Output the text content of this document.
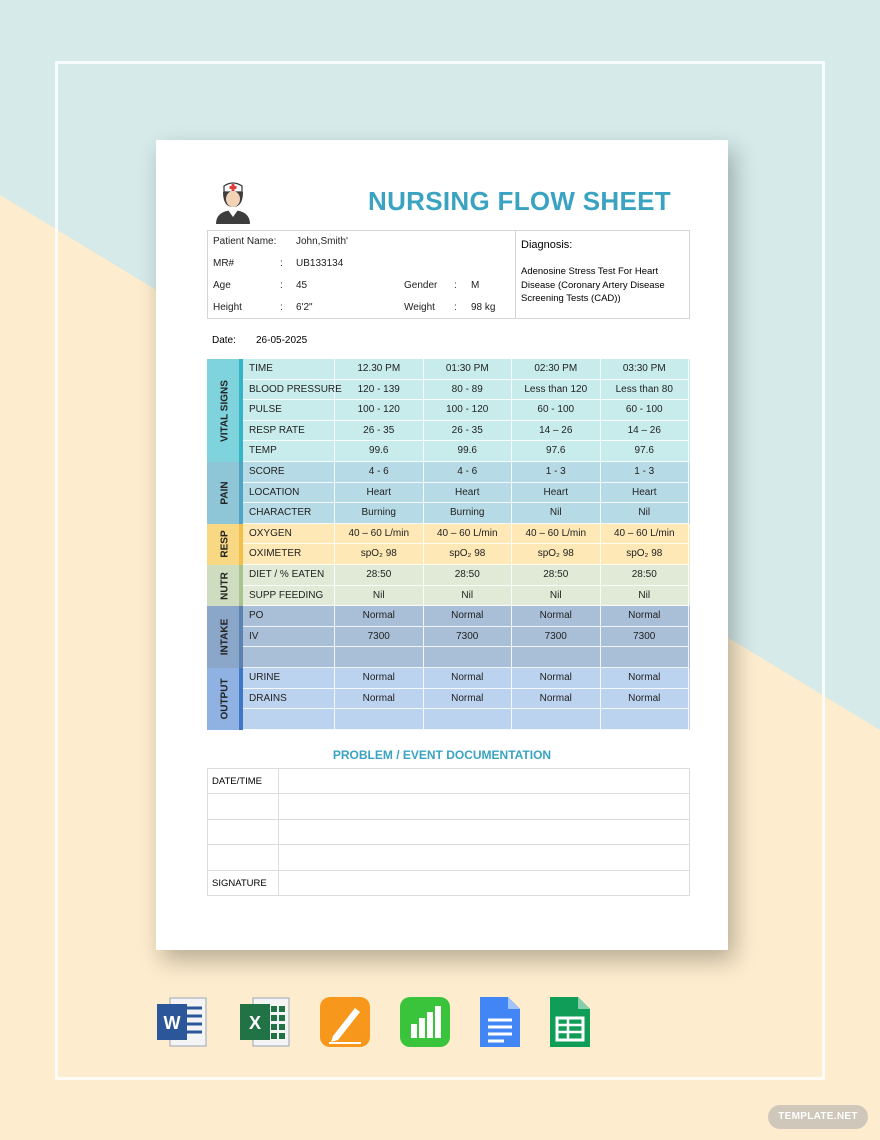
NURSING FLOW SHEET
Patient Name: John,Smith'
MR#	: UB133134
Age	: 45	Gender : M
Height	: 6'2"	Weight : 98 kg
Diagnosis:
Adenosine Stress Test For Heart Disease (Coronary Artery Disease Screening Tests (CAD))
Date: 26-05-2025
VITAL SIGNS
TIME	12.30 PM	01:30 PM	02:30 PM	03:30 PM
BLOOD PRESSURE	120 - 139	80 - 89	Less than 120	Less than 80
PULSE	100 - 120	100 - 120	60 - 100	60 - 100
RESP RATE	26 - 35	26 - 35	14 – 26	14 – 26
TEMP	99.6	99.6	97.6	97.6
PAIN
SCORE	4 - 6	4 - 6	1 - 3	1 - 3
LOCATION	Heart	Heart	Heart	Heart
CHARACTER	Burning	Burning	Nil	Nil
RESP	OXYGEN	40 – 60 L/min	40 – 60 L/min	40 – 60 L/min	40 – 60 L/min
OXIMETER	spO₂ 98	spO₂ 98	spO₂ 98	spO₂ 98
NUTR	DIET / % EATEN	28:50	28:50	28:50	28:50
SUPP FEEDING	Nil	Nil	Nil	Nil
INTAKE
PO	Normal	Normal	Normal	Normal
IV	7300	7300	7300	7300
OUTPUT
URINE	Normal	Normal	Normal	Normal
DRAINS	Normal	Normal	Normal	Normal
PROBLEM / EVENT DOCUMENTATION
DATE/TIME
SIGNATURE
W	X
TEMPLATE.NET
